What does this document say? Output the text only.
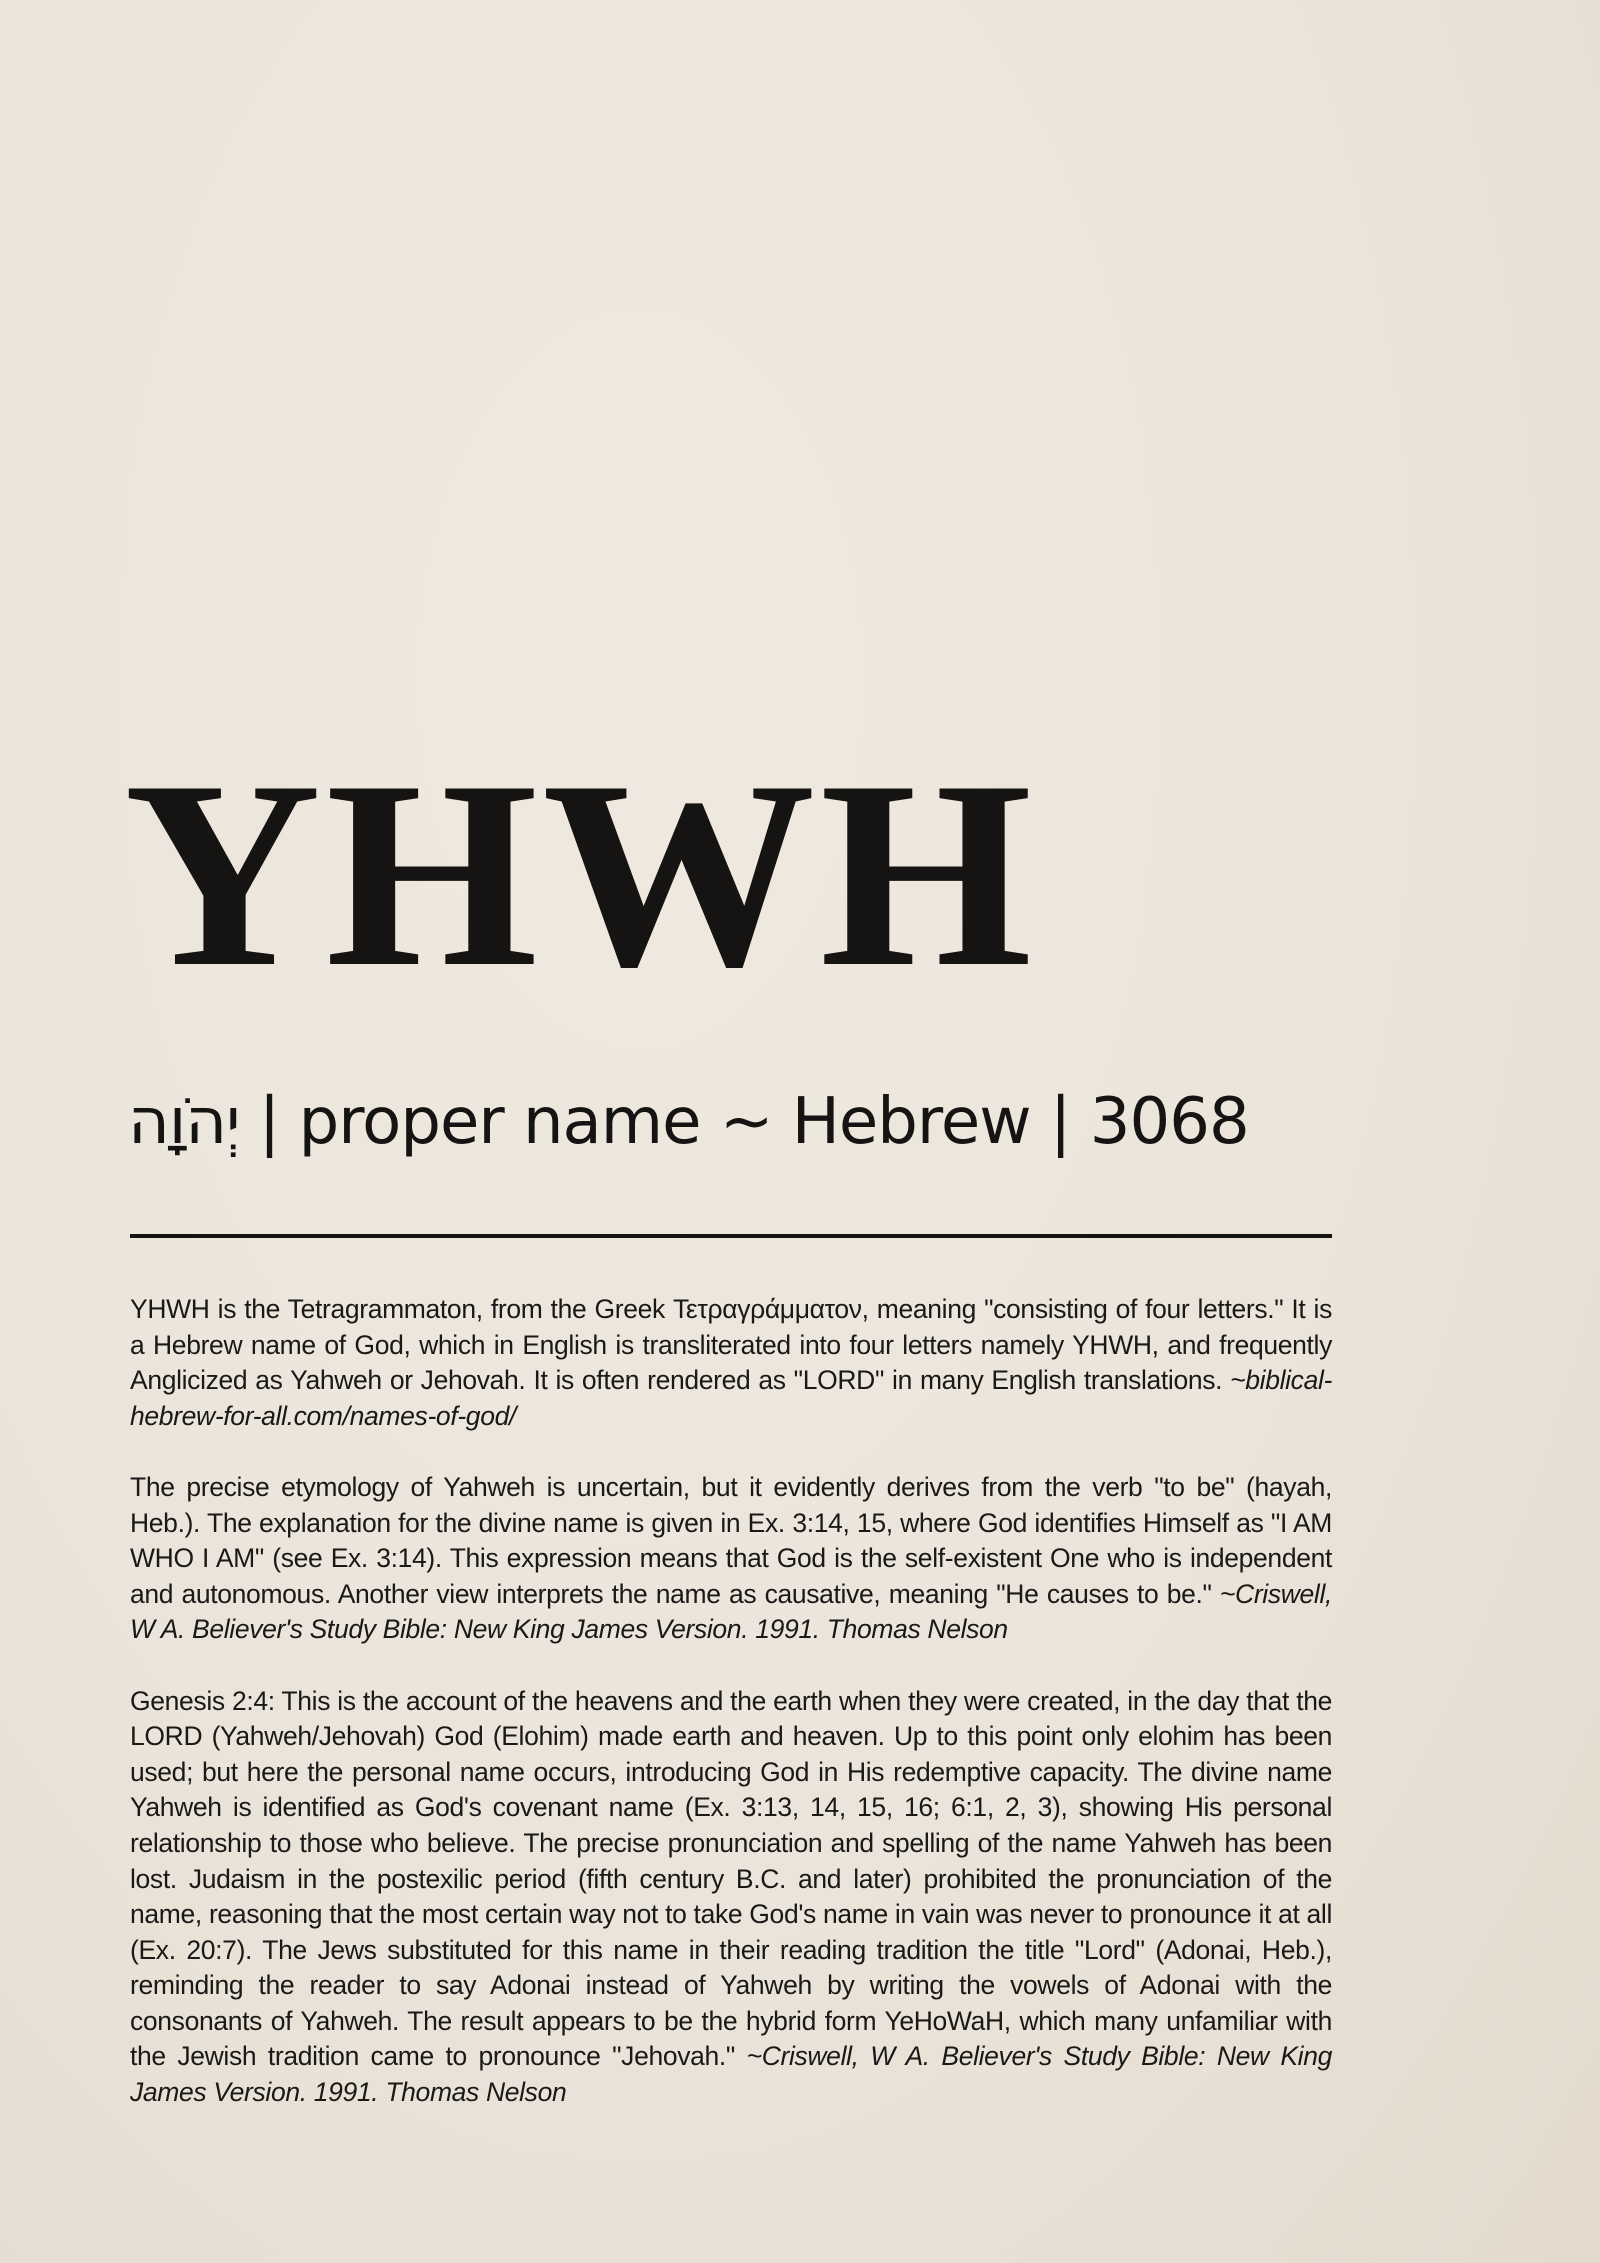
YHWH
יְהֹוָה | proper name ~ Hebrew | 3068

YHWH is the Tetragrammaton, from the Greek Τετραγράμματον, meaning "consisting of four letters." It is a Hebrew name of God, which in English is transliterated into four letters namely YHWH, and frequently Anglicized as Yahweh or Jehovah. It is often rendered as "LORD" in many English translations. ~biblical-hebrew-for-all.com/names-of-god/

The precise etymology of Yahweh is uncertain, but it evidently derives from the verb "to be" (hayah, Heb.). The explanation for the divine name is given in Ex. 3:14, 15, where God identifies Himself as "I AM WHO I AM" (see Ex. 3:14). This expression means that God is the self-existent One who is independent and autonomous. Another view interprets the name as causative, meaning "He causes to be." ~Criswell, W A. Believer's Study Bible: New King James Version. 1991. Thomas Nelson

Genesis 2:4: This is the account of the heavens and the earth when they were created, in the day that the LORD (Yahweh/Jehovah) God (Elohim) made earth and heaven. Up to this point only elohim has been used; but here the personal name occurs, introducing God in His redemptive capacity. The divine name Yahweh is identified as God's covenant name (Ex. 3:13, 14, 15, 16; 6:1, 2, 3), showing His personal relationship to those who believe. The precise pronunciation and spelling of the name Yahweh has been lost. Judaism in the postexilic period (fifth century B.C. and later) prohibited the pronunciation of the name, reasoning that the most certain way not to take God's name in vain was never to pronounce it at all (Ex. 20:7). The Jews substituted for this name in their reading tradition the title "Lord" (Adonai, Heb.), reminding the reader to say Adonai instead of Yahweh by writing the vowels of Adonai with the consonants of Yahweh. The result appears to be the hybrid form YeHoWaH, which many unfamiliar with the Jewish tradition came to pronounce "Jehovah." ~Criswell, W A. Believer's Study Bible: New King James Version. 1991. Thomas Nelson
